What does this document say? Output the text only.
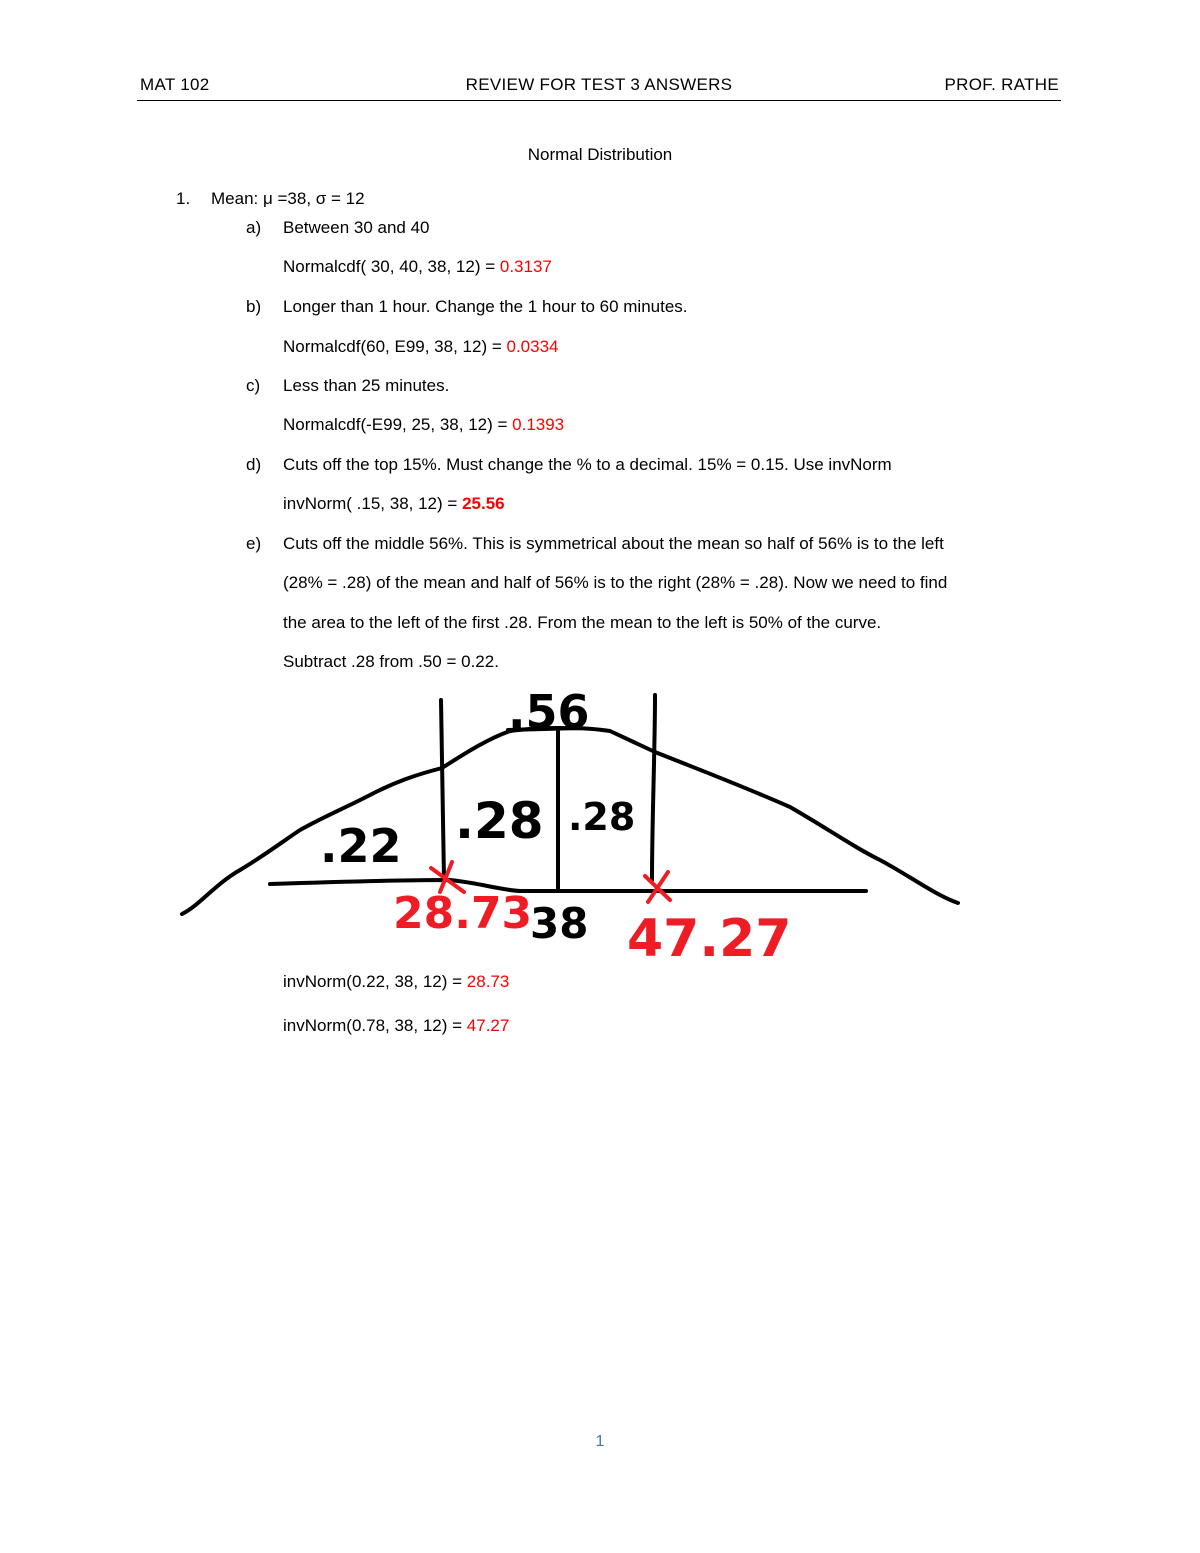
MAT 102	REVIEW FOR TEST 3 ANSWERS	PROF. RATHE
Normal Distribution
1. Mean: μ =38, σ = 12
a) Between 30 and 40
Normalcdf( 30, 40, 38, 12) = 0.3137
b) Longer than 1 hour. Change the 1 hour to 60 minutes.
Normalcdf(60, E99, 38, 12) = 0.0334
c) Less than 25 minutes.
Normalcdf(-E99, 25, 38, 12) = 0.1393
d) Cuts off the top 15%. Must change the % to a decimal. 15% = 0.15. Use invNorm
invNorm( .15, 38, 12) = 25.56
e) Cuts off the middle 56%. This is symmetrical about the mean so half of 56% is to the left
(28% = .28) of the mean and half of 56% is to the right (28% = .28). Now we need to find
the area to the left of the first .28. From the mean to the left is 50% of the curve.
Subtract .28 from .50 = 0.22.
.56
.22 .28 .28
38
28.73 47.27
invNorm(0.22, 38, 12) = 28.73
invNorm(0.78, 38, 12) = 47.27
1
